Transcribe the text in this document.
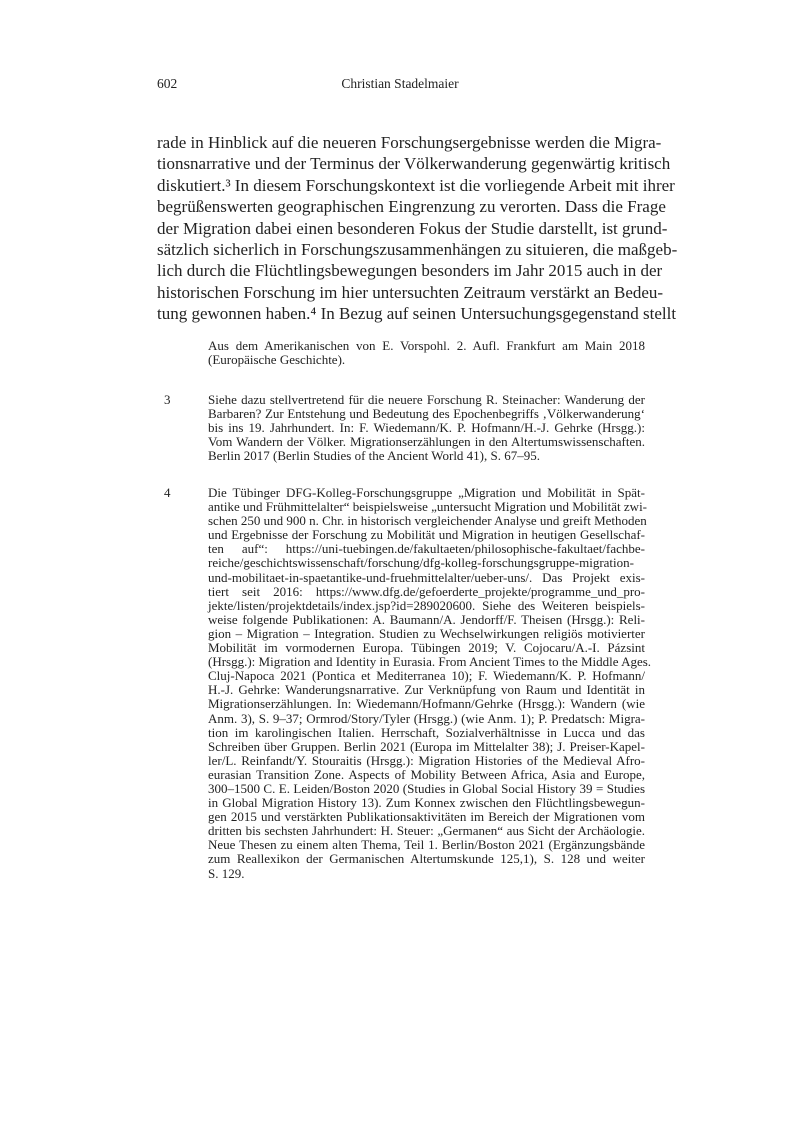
602	Christian Stadelmaier
rade in Hinblick auf die neueren Forschungsergebnisse werden die Migra-
tionsnarrative und der Terminus der Völkerwanderung gegenwärtig kritisch
diskutiert.³ In diesem Forschungskontext ist die vorliegende Arbeit mit ihrer
begrüßenswerten geographischen Eingrenzung zu verorten. Dass die Frage
der Migration dabei einen besonderen Fokus der Studie darstellt, ist grund-
sätzlich sicherlich in Forschungszusammenhängen zu situieren, die maßgeb-
lich durch die Flüchtlingsbewegungen besonders im Jahr 2015 auch in der
historischen Forschung im hier untersuchten Zeitraum verstärkt an Bedeu-
tung gewonnen haben.⁴ In Bezug auf seinen Untersuchungsgegenstand stellt
Aus dem Amerikanischen von E. Vorspohl. 2. Aufl. Frankfurt am Main 2018
(Europäische Geschichte).
3	Siehe dazu stellvertretend für die neuere Forschung R. Steinacher: Wanderung der
Barbaren? Zur Entstehung und Bedeutung des Epochenbegriffs ‚Völkerwanderung‘
bis ins 19. Jahrhundert. In: F. Wiedemann/K. P. Hofmann/H.-J. Gehrke (Hrsgg.):
Vom Wandern der Völker. Migrationserzählungen in den Altertumswissenschaften.
Berlin 2017 (Berlin Studies of the Ancient World 41), S. 67–95.
4	Die Tübinger DFG-Kolleg-Forschungsgruppe „Migration und Mobilität in Spät-
antike und Frühmittelalter“ beispielsweise „untersucht Migration und Mobilität zwi-
schen 250 und 900 n. Chr. in historisch vergleichender Analyse und greift Methoden
und Ergebnisse der Forschung zu Mobilität und Migration in heutigen Gesellschaf-
ten auf“: https://uni-tuebingen.de/fakultaeten/philosophische-fakultaet/fachbe-
reiche/geschichtswissenschaft/forschung/dfg-kolleg-forschungsgruppe-migration-
und-mobilitaet-in-spaetantike-und-fruehmittelalter/ueber-uns/. Das Projekt exis-
tiert seit 2016: https://www.dfg.de/gefoerderte_projekte/programme_und_pro-
jekte/listen/projektdetails/index.jsp?id=289020600. Siehe des Weiteren beispiels-
weise folgende Publikationen: A. Baumann/A. Jendorff/F. Theisen (Hrsgg.): Reli-
gion – Migration – Integration. Studien zu Wechselwirkungen religiös motivierter
Mobilität im vormodernen Europa. Tübingen 2019; V. Cojocaru/A.-I. Pázsint
(Hrsgg.): Migration and Identity in Eurasia. From Ancient Times to the Middle Ages.
Cluj-Napoca 2021 (Pontica et Mediterranea 10); F. Wiedemann/K. P. Hofmann/
H.-J. Gehrke: Wanderungsnarrative. Zur Verknüpfung von Raum und Identität in
Migrationserzählungen. In: Wiedemann/Hofmann/Gehrke (Hrsgg.): Wandern (wie
Anm. 3), S. 9–37; Ormrod/Story/Tyler (Hrsgg.) (wie Anm. 1); P. Predatsch: Migra-
tion im karolingischen Italien. Herrschaft, Sozialverhältnisse in Lucca und das
Schreiben über Gruppen. Berlin 2021 (Europa im Mittelalter 38); J. Preiser-Kapel-
ler/L. Reinfandt/Y. Stouraitis (Hrsgg.): Migration Histories of the Medieval Afro-
eurasian Transition Zone. Aspects of Mobility Between Africa, Asia and Europe,
300–1500 C. E. Leiden/Boston 2020 (Studies in Global Social History 39 = Studies
in Global Migration History 13). Zum Konnex zwischen den Flüchtlingsbewegun-
gen 2015 und verstärkten Publikationsaktivitäten im Bereich der Migrationen vom
dritten bis sechsten Jahrhundert: H. Steuer: „Germanen“ aus Sicht der Archäologie.
Neue Thesen zu einem alten Thema, Teil 1. Berlin/Boston 2021 (Ergänzungsbände
zum Reallexikon der Germanischen Altertumskunde 125,1), S. 128 und weiter
S. 129.
